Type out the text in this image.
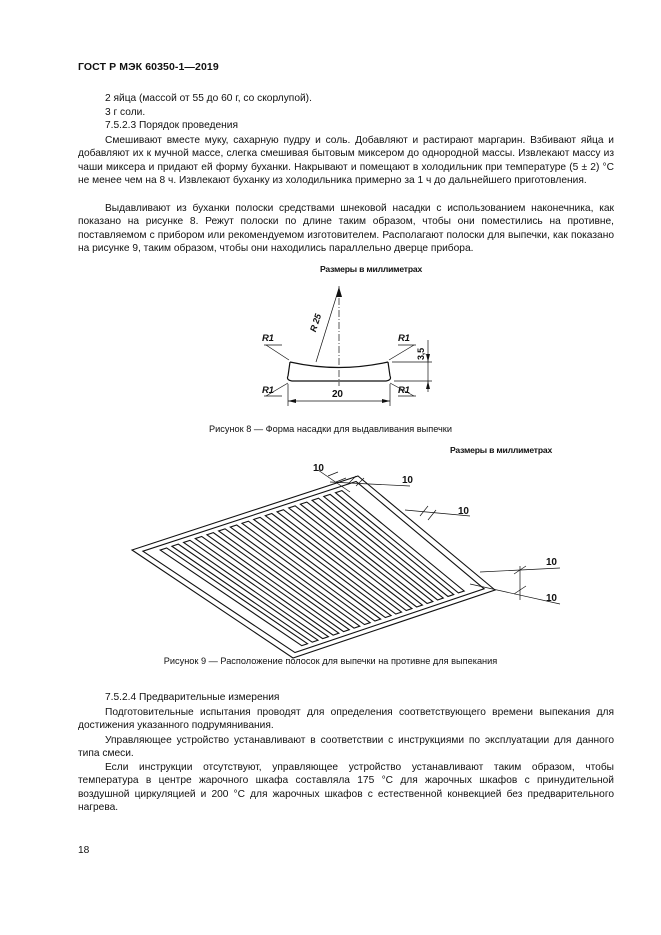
ГОСТ Р МЭК 60350-1—2019
2 яйца (массой от 55 до 60 г, со скорлупой).
3 г соли.
7.5.2.3 Порядок проведения

Смешивают вместе муку, сахарную пудру и соль. Добавляют и растирают маргарин. Взбивают яйца и добавляют их к мучной массе, слегка смешивая бытовым миксером до однородной массы. Извлекают массу из чаши миксера и придают ей форму буханки. Накрывают и помещают в холодильник при температуре (5 ± 2) °С не менее чем на 8 ч. Извлекают буханку из холодильника примерно за 1 ч до дальнейшего приготовления.

Выдавливают из буханки полоски средствами шнековой насадки с использованием наконечника, как показано на рисунке 8. Режут полоски по длине таким образом, чтобы они поместились на противне, поставляемом с прибором или рекомендуемом изготовителем. Располагают полоски для выпечки, как показано на рисунке 9, таким образом, чтобы они находились параллельно дверце прибора.

Размеры в миллиметрах
R1
R1
R1
R1
R 25
3,5
20
Рисунок 8 — Форма насадки для выдавливания выпечки
Размеры в миллиметрах
10
10
10
10
10
Рисунок 9 — Расположение полосок для выпечки на противне для выпекания
7.5.2.4 Предварительные измерения

Подготовительные испытания проводят для определения соответствующего времени выпекания для достижения указанного подрумянивания.

Управляющее устройство устанавливают в соответствии с инструкциями по эксплуатации для данного типа смеси.

Если инструкции отсутствуют, управляющее устройство устанавливают таким образом, чтобы температура в центре жарочного шкафа составляла 175 °С для жарочных шкафов с принудительной воздушной циркуляцией и 200 °С для жарочных шкафов с естественной конвекцией без предварительного нагрева.

18
